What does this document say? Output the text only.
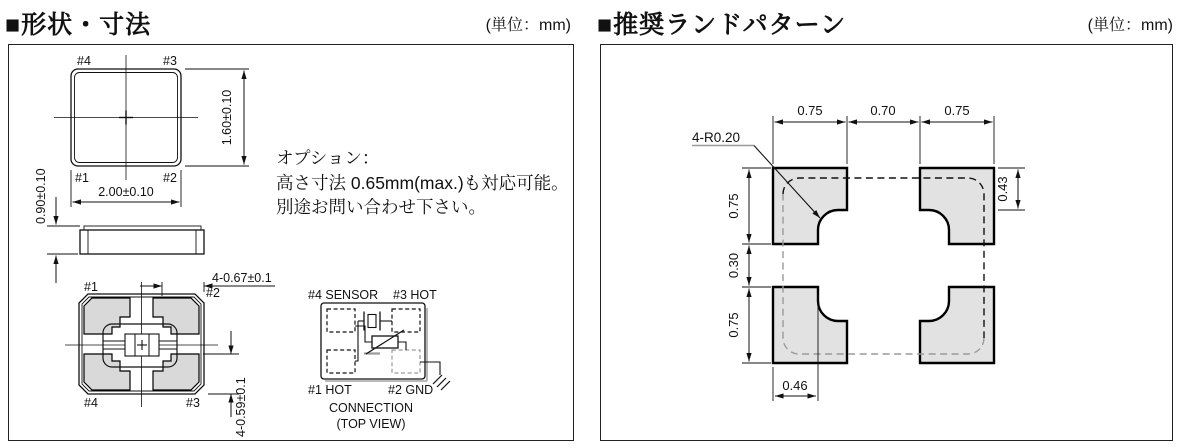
■形状・寸法	(単位：mm) ■推奨ランドパターン	(単位：mm)
#4	#3
#1	#2
1.60±0.10
2.00±0.10
0.90±0.10
#1	#2
#4	#3
4-0.67±0.1
4-0.59±0.1
#4 SENSOR #3 HOT
#1 HOT	#2 GND
CONNECTION
(TOP VIEW)
オプション：
高さ寸法 0.65mm(max.)も対応可能。
別途お問い合わせ下さい。
0.75	0.70	0.75
0.75
0.30
0.75
0.43
0.46
4-R0.20
